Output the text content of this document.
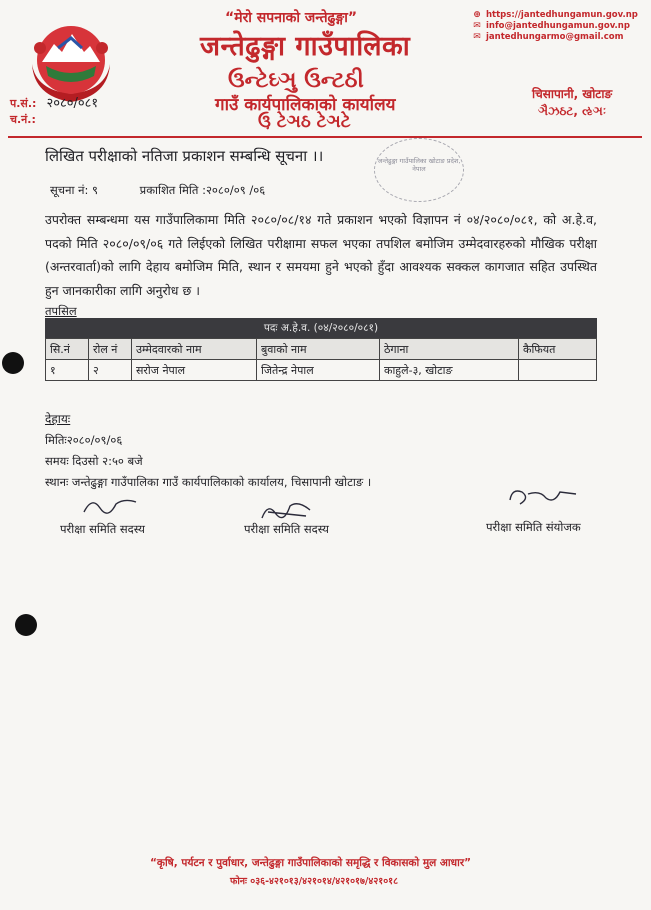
“मेरो सपनाको जन्तेढुङ्गा”
जन्तेढुङ्गा गाउँपालिका
ઉન્ટેઘ્ઞુ ઉન્ટઠી
गाउँ कार्यपालिकाको कार्यालय
ઉ઼ ટેઞઠ ટેઞટે
⊕ https://jantedhungamun.gov.np
✉ info@jantedhungamun.gov.np
✉ jantedhungarmo@gmail.com
चिसापानी, खोटाङ
ઞૈઝઠટ, ઌઞઃ
प.सं.: २०८०/०८१
च.नं.:
लिखित परीक्षाको नतिजा प्रकाशन सम्बन्धि सूचना ।।	जन्तेढुङ्गा गाउँपालिका खोटाङ प्रदेश, नेपाल
सूचना नं: ९	प्रकाशित मिति :२०८०/०९ /०६
उपरोक्त सम्बन्धमा यस गाउँपालिकामा मिति २०८०/०८/१४ गते प्रकाशन भएको विज्ञापन नं ०४/२०८०/०८१, को अ.हे.व, पदको मिति २०८०/०९/०६ गते लिईएको लिखित परीक्षामा सफल भएका तपशिल बमोजिम उम्मेदवारहरुको मौखिक परीक्षा (अन्तरवार्ता)को लागि देहाय बमोजिम मिति, स्थान र समयमा हुने भएको हुँदा आवश्यक सक्कल कागजात सहित उपस्थित हुन जानकारीका लागि अनुरोध छ ।
तपसिल
पदः अ.हे.व. (०४/२०८०/०८१)
सि.नं	रोल नं	उम्मेदवारको नाम	बुवाको नाम	ठेगाना	कैफियत
१	२	सरोज नेपाल	जितेन्द्र नेपाल	काहुले-३, खोटाङ	
देहायः
मितिः२०८०/०९/०६
समयः दिउसो २:५० बजे
स्थानः जन्तेढुङ्गा गाउँपालिका गाउँ कार्यपालिकाको कार्यालय, चिसापानी खोटाङ ।
परीक्षा समिति सदस्य	परीक्षा समिति सदस्य	परीक्षा समिति संयोजक
“कृषि, पर्यटन र पुर्वाधार, जन्तेढुङ्गा गाउँपालिकाको समृद्धि र विकासको मुल आधार”
फोनः ०३६-४२१०१३/४२१०१४/४२१०१७/४२१०१८
